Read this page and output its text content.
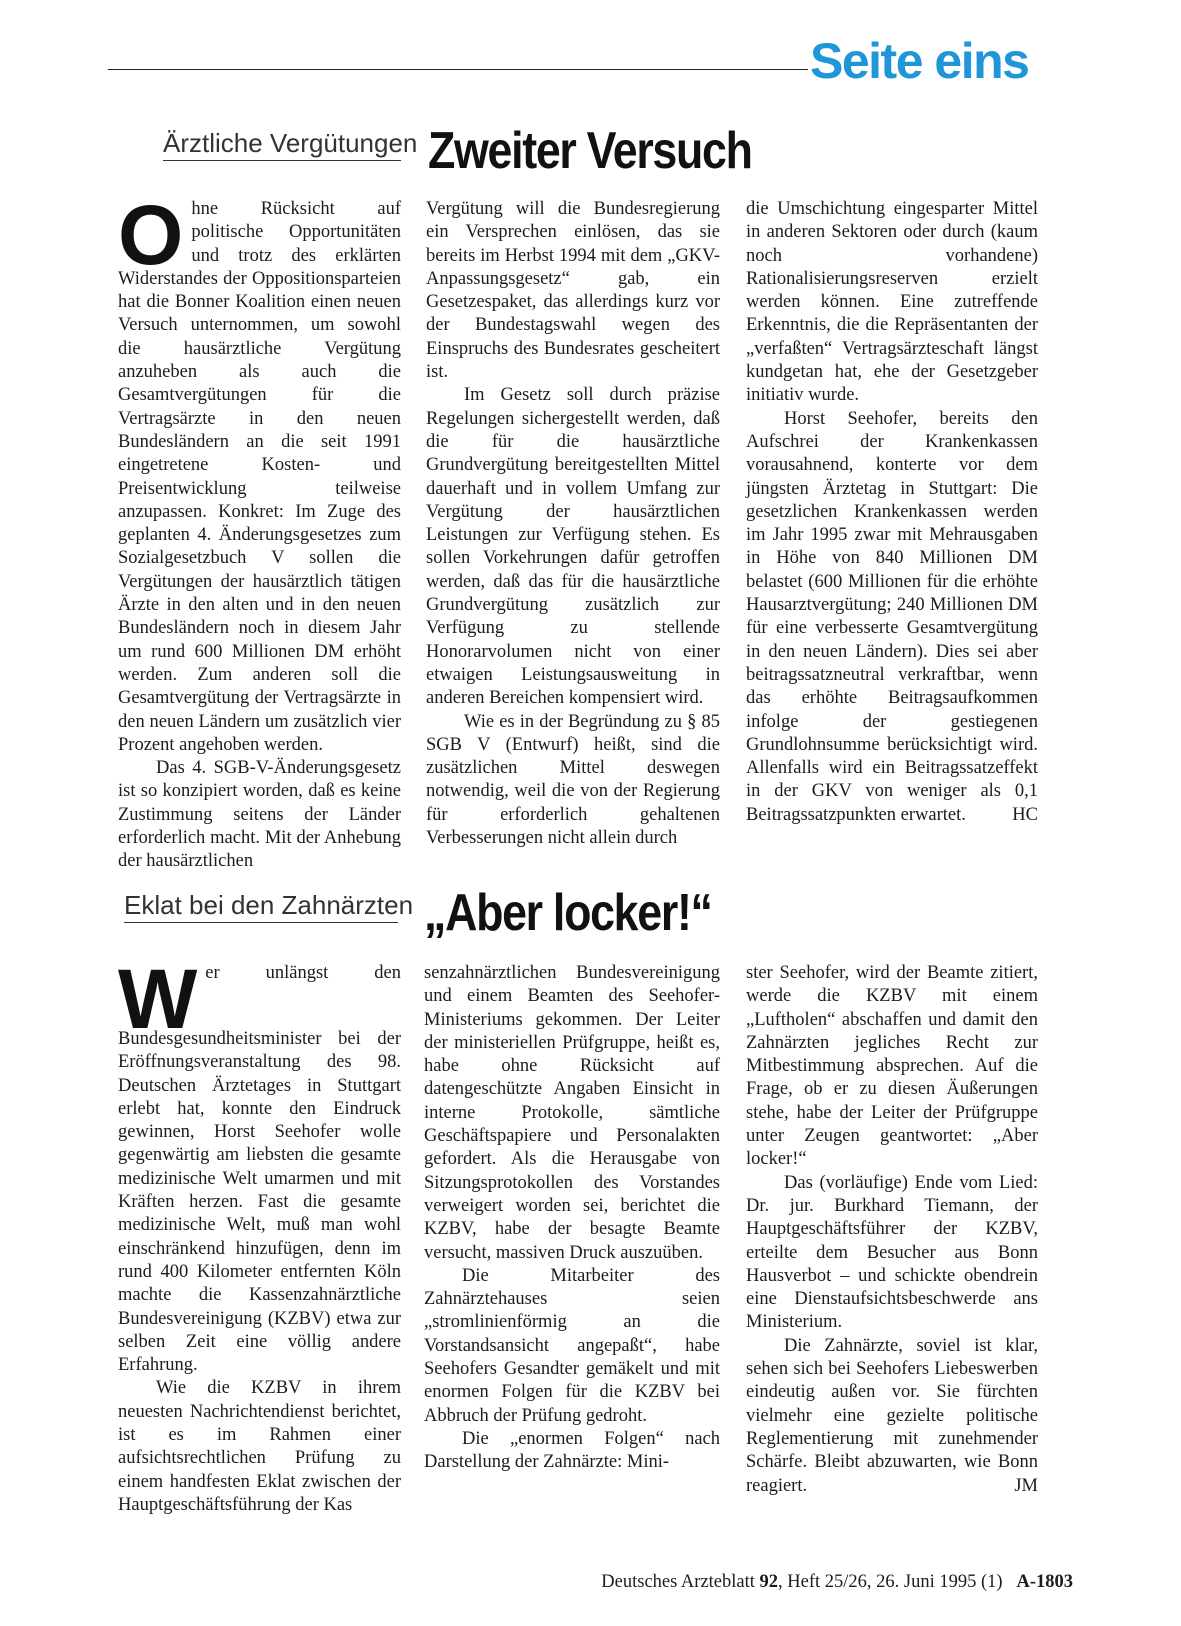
Seite eins
Ärztliche Vergütungen Zweiter Versuch

Ohne Rücksicht auf politische Opportunitäten und trotz des erklärten Widerstandes der Oppositionsparteien hat die Bonner Koalition einen neuen Versuch unternommen, um sowohl die hausärztliche Vergütung anzuheben als auch die Gesamtvergütungen für die Vertragsärzte in den neuen Bundesländern an die seit 1991 eingetretene Kosten- und Preisentwicklung teilweise anzupassen. Konkret: Im Zuge des geplanten 4. Änderungsgesetzes zum Sozialgesetzbuch V sollen die Vergütungen der hausärztlich tätigen Ärzte in den alten und in den neuen Bundesländern noch in diesem Jahr um rund 600 Millionen DM erhöht werden. Zum anderen soll die Gesamtvergütung der Vertragsärzte in den neuen Ländern um zusätzlich vier Prozent angehoben werden.

Das 4. SGB-V-Änderungsgesetz ist so konzipiert worden, daß es keine Zustimmung seitens der Länder erforderlich macht. Mit der Anhebung der hausärztlichen

Vergütung will die Bundesregierung ein Versprechen einlösen, das sie bereits im Herbst 1994 mit dem „GKV-Anpassungsgesetz“ gab, ein Gesetzespaket, das allerdings kurz vor der Bundestagswahl wegen des Einspruchs des Bundesrates gescheitert ist.

Im Gesetz soll durch präzise Regelungen sichergestellt werden, daß die für die hausärztliche Grundvergütung bereitgestellten Mittel dauerhaft und in vollem Umfang zur Vergütung der hausärztlichen Leistungen zur Verfügung stehen. Es sollen Vorkehrungen dafür getroffen werden, daß das für die hausärztliche Grundvergütung zusätzlich zur Verfügung zu stellende Honorarvolumen nicht von einer etwaigen Leistungsausweitung in anderen Bereichen kompensiert wird.

Wie es in der Begründung zu § 85 SGB V (Entwurf) heißt, sind die zusätzlichen Mittel deswegen notwendig, weil die von der Regierung für erforderlich gehaltenen Verbesserungen nicht allein durch

die Umschichtung eingesparter Mittel in anderen Sektoren oder durch (kaum noch vorhandene) Rationalisierungsreserven erzielt werden können. Eine zutreffende Erkenntnis, die die Repräsentanten der „verfaßten“ Vertragsärzteschaft längst kundgetan hat, ehe der Gesetzgeber initiativ wurde.

Horst Seehofer, bereits den Aufschrei der Krankenkassen vorausahnend, konterte vor dem jüngsten Ärztetag in Stuttgart: Die gesetzlichen Krankenkassen werden im Jahr 1995 zwar mit Mehrausgaben in Höhe von 840 Millionen DM belastet (600 Millionen für die erhöhte Hausarztvergütung; 240 Millionen DM für eine verbesserte Gesamtvergütung in den neuen Ländern). Dies sei aber beitragssatzneutral verkraftbar, wenn das erhöhte Beitragsaufkommen infolge der gestiegenen Grundlohnsumme berücksichtigt wird. Allenfalls wird ein Beitragssatzeffekt in der GKV von weniger als 0,1 Beitragssatzpunkten erwartet.	HC

Eklat bei den Zahnärzten „Aber locker!“

Wer unlängst den Bundesgesundheitsminister bei der Eröffnungsveranstaltung des 98. Deutschen Ärztetages in Stuttgart erlebt hat, konnte den Eindruck gewinnen, Horst Seehofer wolle gegenwärtig am liebsten die gesamte medizinische Welt umarmen und mit Kräften herzen. Fast die gesamte medizinische Welt, muß man wohl einschränkend hinzufügen, denn im rund 400 Kilometer entfernten Köln machte die Kassenzahnärztliche Bundesvereinigung (KZBV) etwa zur selben Zeit eine völlig andere Erfahrung.

Wie die KZBV in ihrem neuesten Nachrichtendienst berichtet, ist es im Rahmen einer aufsichtsrechtlichen Prüfung zu einem handfesten Eklat zwischen der Hauptgeschäftsführung der Kas

senzahnärztlichen Bundesvereinigung und einem Beamten des Seehofer-Ministeriums gekommen. Der Leiter der ministeriellen Prüfgruppe, heißt es, habe ohne Rücksicht auf datengeschützte Angaben Einsicht in interne Protokolle, sämtliche Geschäftspapiere und Personalakten gefordert. Als die Herausgabe von Sitzungsprotokollen des Vorstandes verweigert worden sei, berichtet die KZBV, habe der besagte Beamte versucht, massiven Druck auszuüben.

Die Mitarbeiter des Zahnärztehauses seien „stromlinienförmig an die Vorstandsansicht angepaßt“, habe Seehofers Gesandter gemäkelt und mit enormen Folgen für die KZBV bei Abbruch der Prüfung gedroht.

Die „enormen Folgen“ nach Darstellung der Zahnärzte: Mini-

ster Seehofer, wird der Beamte zitiert, werde die KZBV mit einem „Luftholen“ abschaffen und damit den Zahnärzten jegliches Recht zur Mitbestimmung absprechen. Auf die Frage, ob er zu diesen Äußerungen stehe, habe der Leiter der Prüfgruppe unter Zeugen geantwortet: „Aber locker!“

Das (vorläufige) Ende vom Lied: Dr. jur. Burkhard Tiemann, der Hauptgeschäftsführer der KZBV, erteilte dem Besucher aus Bonn Hausverbot – und schickte obendrein eine Dienstaufsichtsbeschwerde ans Ministerium.

Die Zahnärzte, soviel ist klar, sehen sich bei Seehofers Liebeswerben eindeutig außen vor. Sie fürchten vielmehr eine gezielte politische Reglementierung mit zunehmender Schärfe. Bleibt abzuwarten, wie Bonn reagiert.	JM

Deutsches Arzteblatt 92, Heft 25/26, 26. Juni 1995 (1) A-1803
